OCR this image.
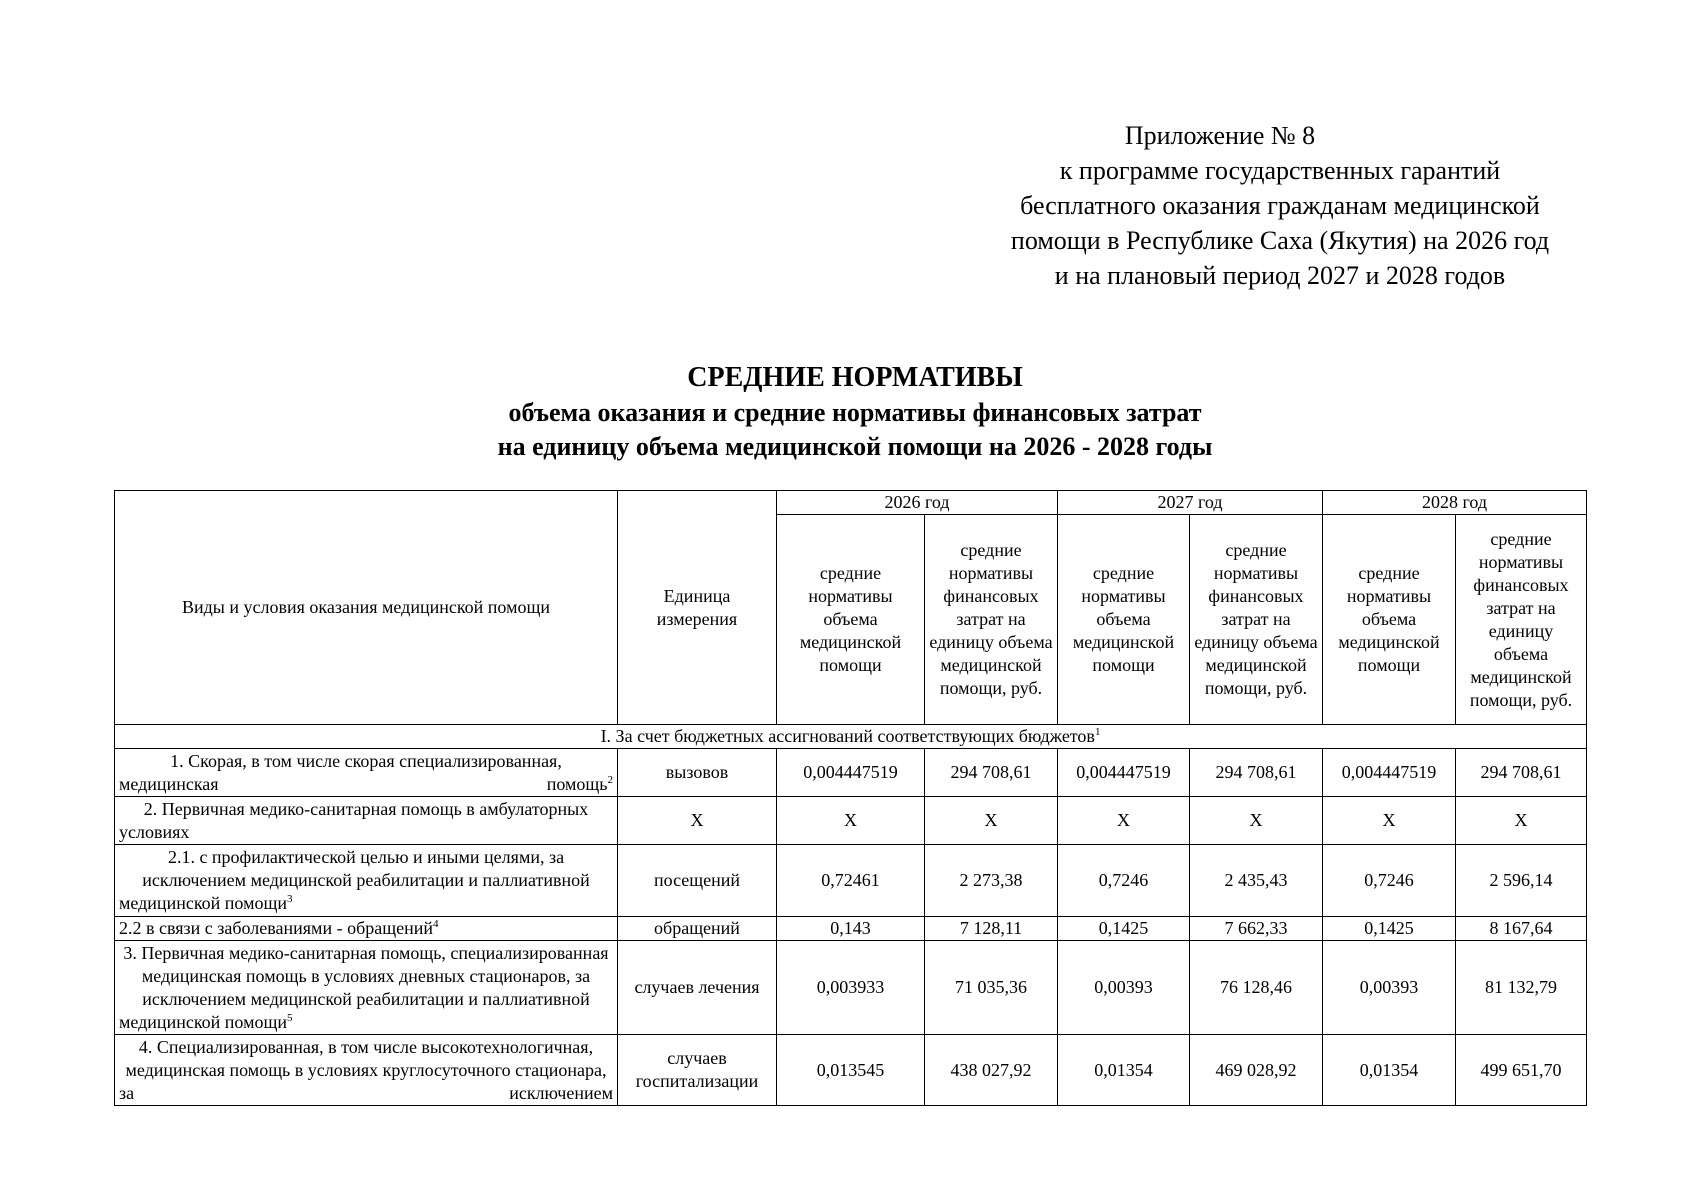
Приложение № 8
к программе государственных гарантий
бесплатного оказания гражданам медицинской
помощи в Республике Саха (Якутия) на 2026 год
и на плановый период 2027 и 2028 годов
СРЕДНИЕ НОРМАТИВЫ
объема оказания и средние нормативы финансовых затрат
на единицу объема медицинской помощи на 2026 - 2028 годы
Виды и условия оказания медицинской помощи	Единица измерения	2026 год		2027 год		2028 год	
		средние нормативы объема медицинской помощи	средние нормативы финансовых затрат на единицу объема медицинской помощи, руб.	средние нормативы объема медицинской помощи	средние нормативы финансовых затрат на единицу объема медицинской помощи, руб.	средние нормативы объема медицинской помощи	средние нормативы финансовых затрат на единицу объема медицинской помощи, руб.
I. За счет бюджетных ассигнований соответствующих бюджетов$^1$
1. Скорая, в том числе скорая специализированная, медицинская помощь$^2$	вызовов	0,004447519	294 708,61	0,004447519	294 708,61	0,004447519	294 708,61
2. Первичная медико-санитарная помощь в амбулаторных условиях	Х	Х	Х	Х	Х	Х	Х
2.1. с профилактической целью и иными целями, за исключением медицинской реабилитации и паллиативной медицинской помощи$^3$	посещений	0,72461	2 273,38	0,7246	2 435,43	0,7246	2 596,14
2.2 в связи с заболеваниями - обращений$^4$	обращений	0,143	7 128,11	0,1425	7 662,33	0,1425	8 167,64
3. Первичная медико-санитарная помощь, специализированная медицинская помощь в условиях дневных стационаров, за исключением медицинской реабилитации и паллиативной медицинской помощи$^5$	случаев лечения	0,003933	71 035,36	0,00393	76 128,46	0,00393	81 132,79
4. Специализированная, в том числе высокотехнологичная, медицинская помощь в условиях круглосуточного стационара, за исключением	случаев госпитализации	0,013545	438 027,92	0,01354	469 028,92	0,01354	499 651,70
